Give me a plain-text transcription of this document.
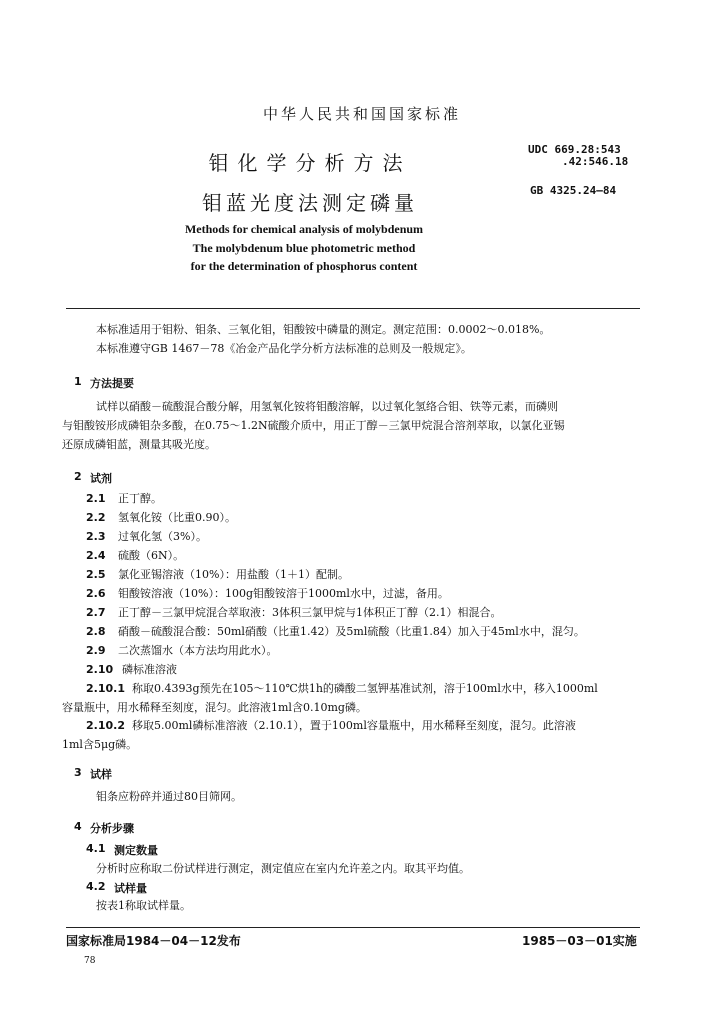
中华人民共和国国家标准
钼化学分析方法
钼蓝光度法测定磷量
UDC 669.28:543
.42:546.18
GB 4325.24—84
Methods for chemical analysis of molybdenum
The molybdenum blue photometric method
for the determination of phosphorus content
本标准适用于钼粉、钼条、三氧化钼，钼酸铵中磷量的测定。测定范围：0.0002～0.018%。
本标准遵守GB 1467－78《冶金产品化学分析方法标准的总则及一般规定》。
1 方法提要
试样以硝酸－硫酸混合酸分解，用氢氧化铵将钼酸溶解，以过氧化氢络合钼、铁等元素，而磷则
与钼酸铵形成磷钼杂多酸，在0.75～1.2N硫酸介质中，用正丁醇－三氯甲烷混合溶剂萃取，以氯化亚锡
还原成磷钼蓝，测量其吸光度。
2 试剂
2.1 正丁醇。
2.2 氢氧化铵（比重0.90）。
2.3 过氧化氢（3%）。
2.4 硫酸（6N）。
2.5 氯化亚锡溶液（10%）：用盐酸（1＋1）配制。
2.6 钼酸铵溶液（10%）：100g钼酸铵溶于1000ml水中，过滤，备用。
2.7 正丁醇－三氯甲烷混合萃取液：3体积三氯甲烷与1体积正丁醇（2.1）相混合。
2.8 硝酸－硫酸混合酸：50ml硝酸（比重1.42）及5ml硫酸（比重1.84）加入于45ml水中，混匀。
2.9 二次蒸馏水（本方法均用此水）。
2.10 磷标准溶液
2.10.1 称取0.4393g预先在105～110℃烘1h的磷酸二氢钾基准试剂，溶于100ml水中，移入1000ml
容量瓶中，用水稀释至刻度，混匀。此溶液1ml含0.10mg磷。
2.10.2 移取5.00ml磷标准溶液（2.10.1），置于100ml容量瓶中，用水稀释至刻度，混匀。此溶液
1ml含5μg磷。
3 试样
钼条应粉碎并通过80目筛网。
4 分析步骤
4.1 测定数量
分析时应称取二份试样进行测定，测定值应在室内允许差之内。取其平均值。
4.2 试样量
按表1称取试样量。
国家标准局1984－04－12发布	1985－03－01实施
78
